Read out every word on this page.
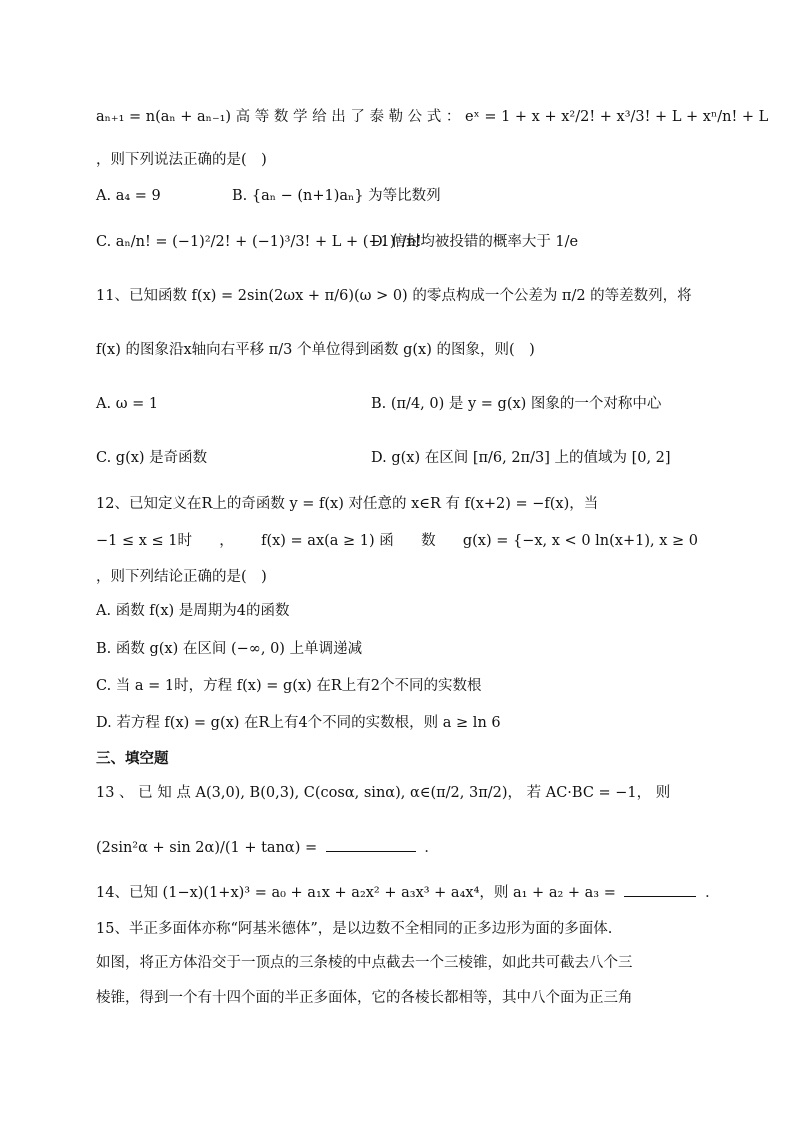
aₙ₊₁ = n(aₙ + aₙ₋₁) 高 等 数 学 给 出 了 泰 勒 公 式 ： eˣ = 1 + x + x²/2! + x³/3! + L + xⁿ/n! + L
，则下列说法正确的是(　)
A. a₄ = 9	B. {aₙ − (n+1)aₙ} 为等比数列
C. aₙ/n! = (−1)²/2! + (−1)³/3! + L + (−1)ⁿ/n!
D. 信封均被投错的概率大于 1/e
11、已知函数 f(x) = 2sin(2ωx + π/6)(ω > 0) 的零点构成一个公差为 π/2 的等差数列，将
f(x) 的图象沿x轴向右平移 π/3 个单位得到函数 g(x) 的图象，则(　)
A. ω = 1	B. (π/4, 0) 是 y = g(x) 图象的一个对称中心
C. g(x) 是奇函数	D. g(x) 在区间 [π/6, 2π/3] 上的值域为 [0, 2]
12、已知定义在R上的奇函数 y = f(x) 对任意的 x∈R 有 f(x+2) = −f(x)，当
−1 ≤ x ≤ 1时 ， f(x) = ax(a ≥ 1) 函 数 g(x) = {−x, x < 0 ln(x+1), x ≥ 0
，则下列结论正确的是(　)
A. 函数 f(x) 是周期为4的函数
B. 函数 g(x) 在区间 (−∞, 0) 上单调递减
C. 当 a = 1时，方程 f(x) = g(x) 在R上有2个不同的实数根
D. 若方程 f(x) = g(x) 在R上有4个不同的实数根，则 a ≥ ln 6
三、填空题
13 、 已 知 点 A(3,0), B(0,3), C(cosα, sinα), α∈(π/2, 3π/2)， 若 AC·BC = −1， 则
(2sin²α + sin 2α)/(1 + tanα) =	．
14、已知 (1−x)(1+x)³ = a₀ + a₁x + a₂x² + a₃x³ + a₄x⁴，则 a₁ + a₂ + a₃ =	．
15、半正多面体亦称“阿基米德体”，是以边数不全相同的正多边形为面的多面体.
如图，将正方体沿交于一顶点的三条棱的中点截去一个三棱锥，如此共可截去八个三
棱锥，得到一个有十四个面的半正多面体，它的各棱长都相等，其中八个面为正三角
